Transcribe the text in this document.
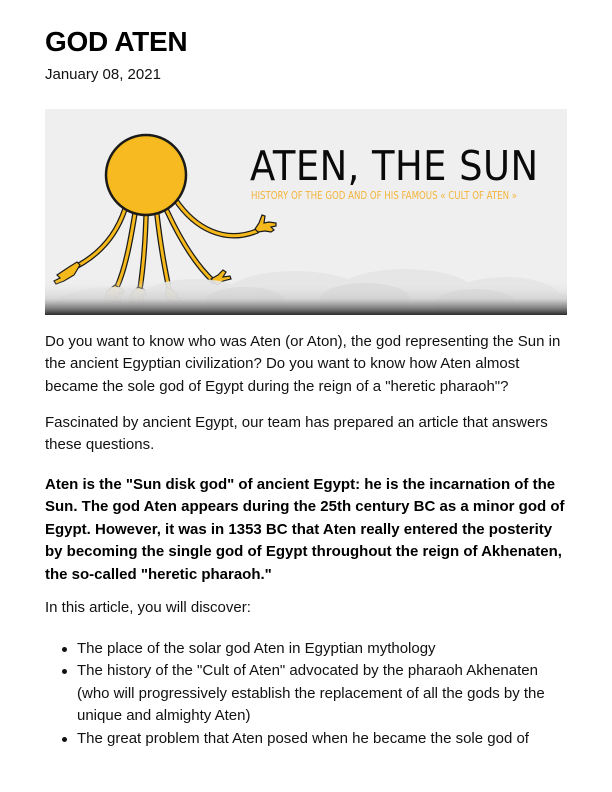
GOD ATEN
January 08, 2021
ATEN, THE SUN
HISTORY OF THE GOD AND OF HIS FAMOUS « CULT OF ATEN »

Do you want to know who was Aten (or Aton), the god representing the Sun in the ancient Egyptian civilization? Do you want to know how Aten almost became the sole god of Egypt during the reign of a "heretic pharaoh"?

Fascinated by ancient Egypt, our team has prepared an article that answers these questions.

Aten is the "Sun disk god" of ancient Egypt: he is the incarnation of the Sun. The god Aten appears during the 25th century BC as a minor god of Egypt. However, it was in 1353 BC that Aten really entered the posterity by becoming the single god of Egypt throughout the reign of Akhenaten, the so-called "heretic pharaoh."

In this article, you will discover:

The place of the solar god Aten in Egyptian mythology
The history of the "Cult of Aten" advocated by the pharaoh Akhenaten (who will progressively establish the replacement of all the gods by the unique and almighty Aten)
The great problem that Aten posed when he became the sole god of
